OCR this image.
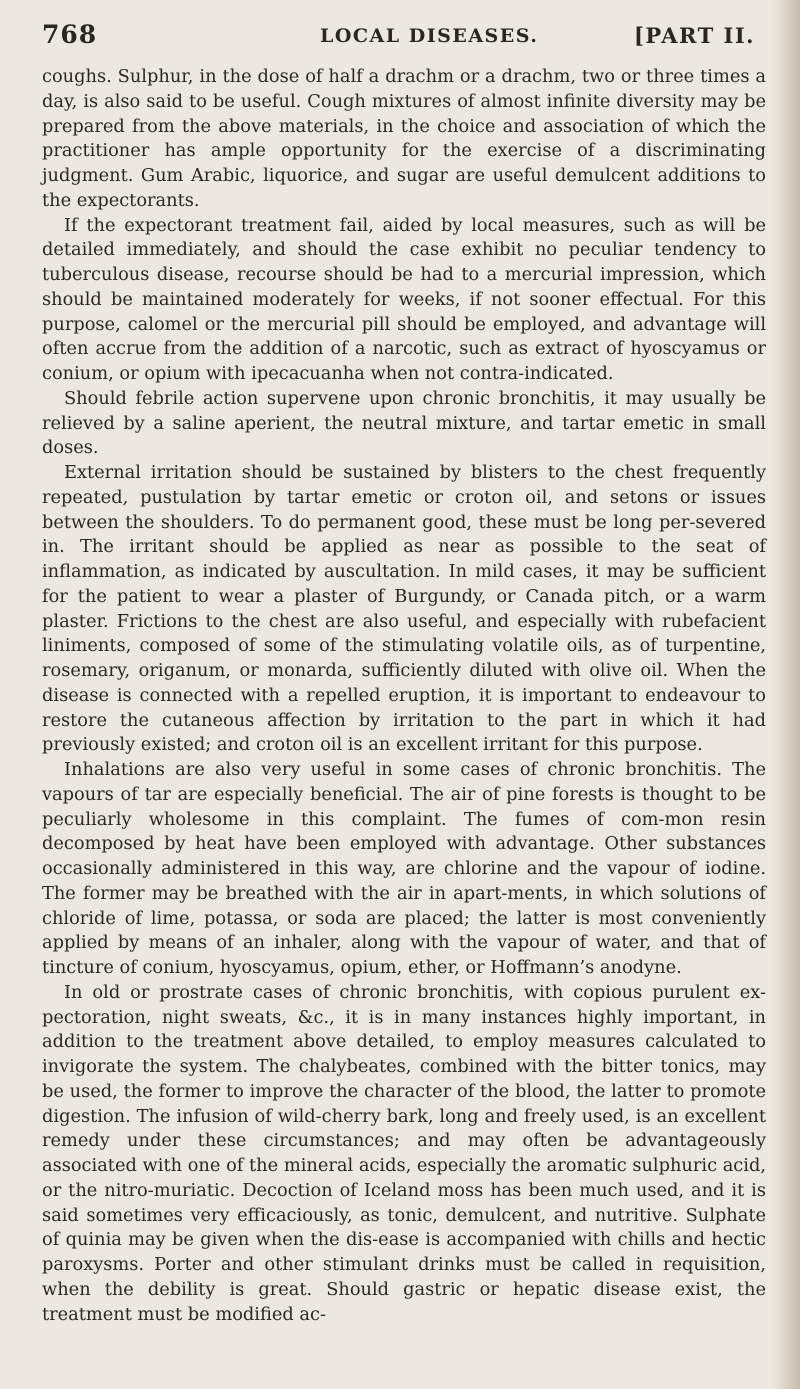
768	LOCAL DISEASES.	[PART II.

coughs. Sulphur, in the dose of half a drachm or a drachm, two or three times a day, is also said to be useful. Cough mixtures of almost infinite diversity may be prepared from the above materials, in the choice and association of which the practitioner has ample opportunity for the exercise of a discriminating judgment. Gum Arabic, liquorice, and sugar are useful demulcent additions to the expectorants.

If the expectorant treatment fail, aided by local measures, such as will be detailed immediately, and should the case exhibit no peculiar tendency to tuberculous disease, recourse should be had to a mercurial impression, which should be maintained moderately for weeks, if not sooner effectual. For this purpose, calomel or the mercurial pill should be employed, and advantage will often accrue from the addition of a narcotic, such as extract of hyoscyamus or conium, or opium with ipecacuanha when not contra-indicated.

Should febrile action supervene upon chronic bronchitis, it may usually be relieved by a saline aperient, the neutral mixture, and tartar emetic in small doses.

External irritation should be sustained by blisters to the chest frequently repeated, pustulation by tartar emetic or croton oil, and setons or issues between the shoulders. To do permanent good, these must be long per-severed in. The irritant should be applied as near as possible to the seat of inflammation, as indicated by auscultation. In mild cases, it may be sufficient for the patient to wear a plaster of Burgundy, or Canada pitch, or a warm plaster. Frictions to the chest are also useful, and especially with rubefacient liniments, composed of some of the stimulating volatile oils, as of turpentine, rosemary, origanum, or monarda, sufficiently diluted with olive oil. When the disease is connected with a repelled eruption, it is important to endeavour to restore the cutaneous affection by irritation to the part in which it had previously existed; and croton oil is an excellent irritant for this purpose.

Inhalations are also very useful in some cases of chronic bronchitis. The vapours of tar are especially beneficial. The air of pine forests is thought to be peculiarly wholesome in this complaint. The fumes of com-mon resin decomposed by heat have been employed with advantage. Other substances occasionally administered in this way, are chlorine and the vapour of iodine. The former may be breathed with the air in apart-ments, in which solutions of chloride of lime, potassa, or soda are placed; the latter is most conveniently applied by means of an inhaler, along with the vapour of water, and that of tincture of conium, hyoscyamus, opium, ether, or Hoffmann’s anodyne.

In old or prostrate cases of chronic bronchitis, with copious purulent ex-pectoration, night sweats, &c., it is in many instances highly important, in addition to the treatment above detailed, to employ measures calculated to invigorate the system. The chalybeates, combined with the bitter tonics, may be used, the former to improve the character of the blood, the latter to promote digestion. The infusion of wild-cherry bark, long and freely used, is an excellent remedy under these circumstances; and may often be advantageously associated with one of the mineral acids, especially the aromatic sulphuric acid, or the nitro-muriatic. Decoction of Iceland moss has been much used, and it is said sometimes very efficaciously, as tonic, demulcent, and nutritive. Sulphate of quinia may be given when the dis-ease is accompanied with chills and hectic paroxysms. Porter and other stimulant drinks must be called in requisition, when the debility is great. Should gastric or hepatic disease exist, the treatment must be modified ac-
